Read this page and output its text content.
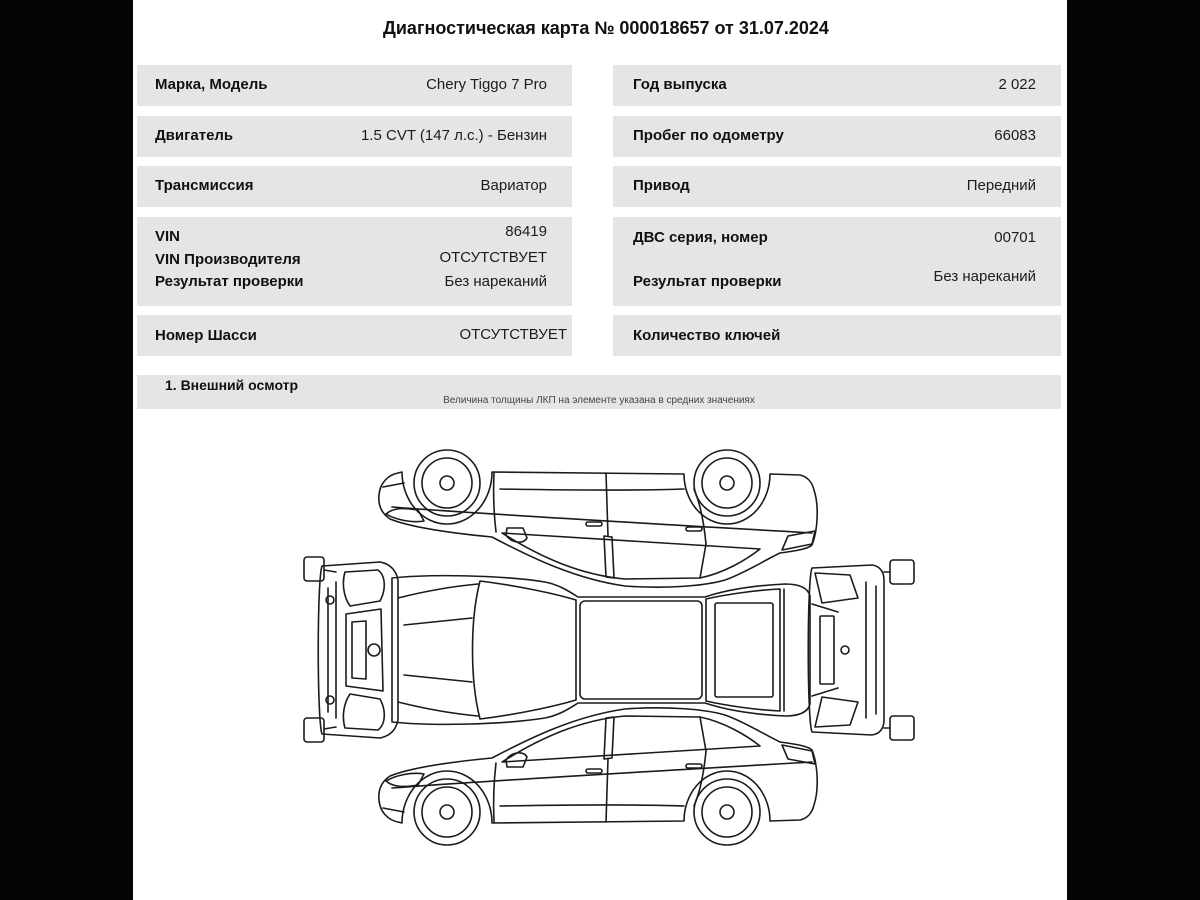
Диагностическая карта № 000018657 от 31.07.2024
Марка, Модель	Chery Tiggo 7 Pro
Двигатель	1.5 CVT (147 л.с.) - Бензин
Трансмиссия	Вариатор
VIN	86419
VIN Производителя	ОТСУТСТВУЕТ
Результат проверки	Без нареканий
Номер Шасси	ОТСУТСТВУЕТ
Год выпуска	2 022
Пробег по одометру	66083
Привод	Передний
ДВС серия, номер	00701
Результат проверки	Без нареканий
Количество ключей
1. Внешний осмотр
Величина толщины ЛКП на элементе указана в средних значениях
